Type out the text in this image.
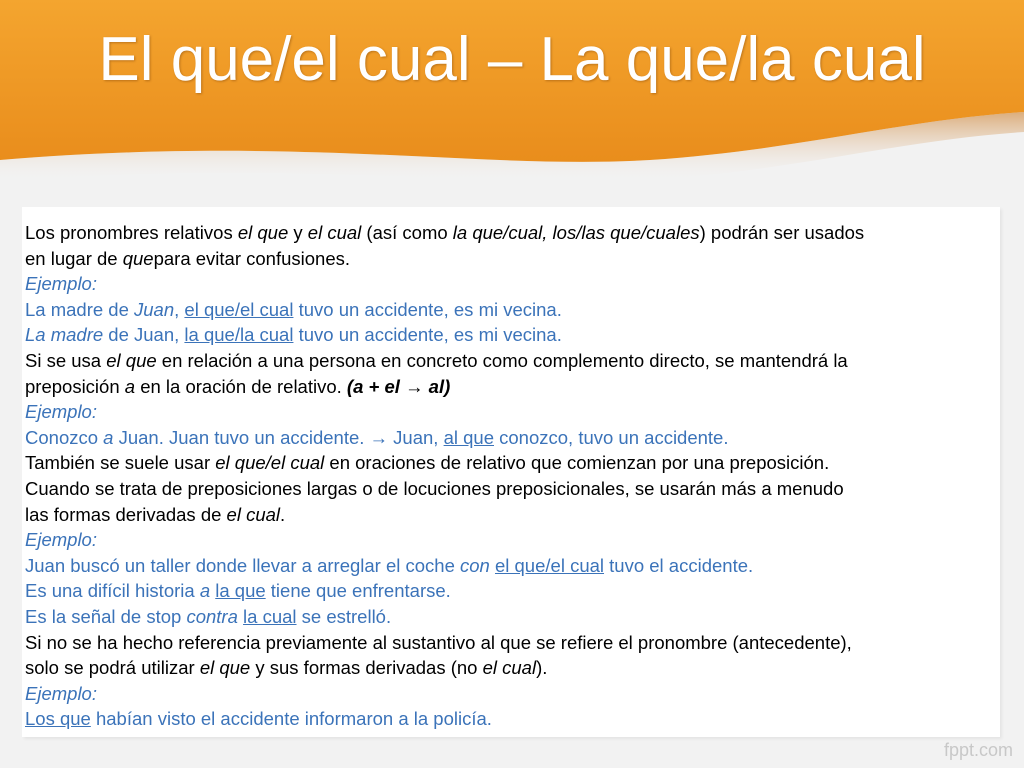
El que/el cual – La que/la cual
Los pronombres relativos el que y el cual (así como la que/cual, los/las que/cuales) podrán ser usados
en lugar de quepara evitar confusiones.
Ejemplo:
La madre de Juan, el que/el cual tuvo un accidente, es mi vecina.
La madre de Juan, la que/la cual tuvo un accidente, es mi vecina.
Si se usa el que en relación a una persona en concreto como complemento directo, se mantendrá la
preposición a en la oración de relativo. (a + el → al)
Ejemplo:
Conozco a Juan. Juan tuvo un accidente. → Juan, al que conozco, tuvo un accidente.
También se suele usar el que/el cual en oraciones de relativo que comienzan por una preposición.
Cuando se trata de preposiciones largas o de locuciones preposicionales, se usarán más a menudo
las formas derivadas de el cual.
Ejemplo:
Juan buscó un taller donde llevar a arreglar el coche con el que/el cual tuvo el accidente.
Es una difícil historia a la que tiene que enfrentarse.
Es la señal de stop contra la cual se estrelló.
Si no se ha hecho referencia previamente al sustantivo al que se refiere el pronombre (antecedente),
solo se podrá utilizar el que y sus formas derivadas (no el cual).
Ejemplo:
Los que habían visto el accidente informaron a la policía.
fppt.com
